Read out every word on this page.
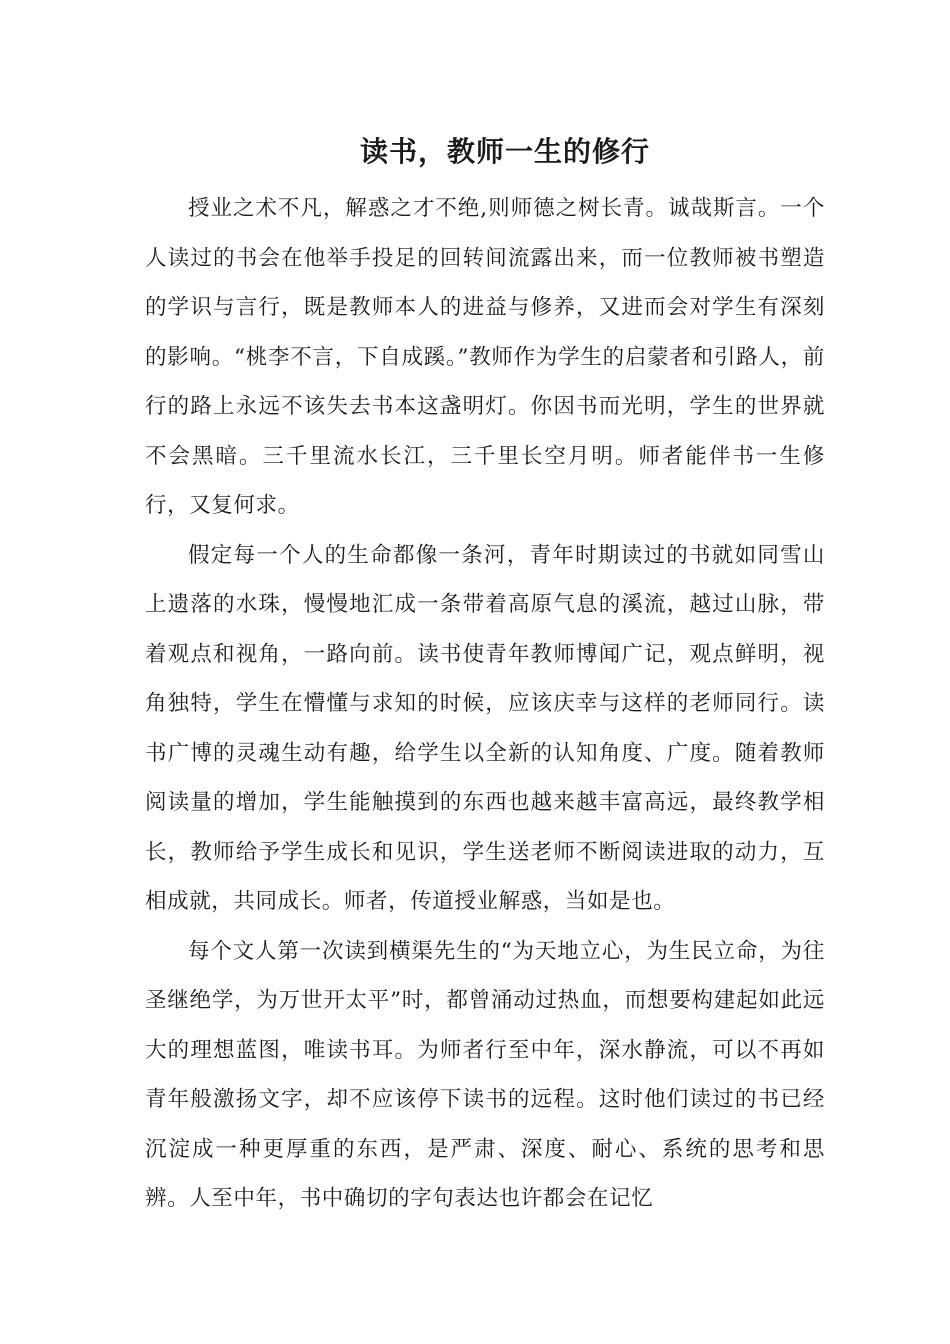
读书，教师一生的修行

授业之术不凡，解惑之才不绝,则师德之树长青。诚哉斯言。一个人读过的书会在他举手投足的回转间流露出来，而一位教师被书塑造的学识与言行，既是教师本人的进益与修养，又进而会对学生有深刻的影响。“桃李不言，下自成蹊。”教师作为学生的启蒙者和引路人，前行的路上永远不该失去书本这盏明灯。你因书而光明，学生的世界就不会黑暗。三千里流水长江，三千里长空月明。师者能伴书一生修行，又复何求。

假定每一个人的生命都像一条河，青年时期读过的书就如同雪山上遗落的水珠，慢慢地汇成一条带着高原气息的溪流，越过山脉，带着观点和视角，一路向前。读书使青年教师博闻广记，观点鲜明，视角独特，学生在懵懂与求知的时候，应该庆幸与这样的老师同行。读书广博的灵魂生动有趣，给学生以全新的认知角度、广度。随着教师阅读量的增加，学生能触摸到的东西也越来越丰富高远，最终教学相长，教师给予学生成长和见识，学生送老师不断阅读进取的动力，互相成就，共同成长。师者，传道授业解惑，当如是也。

每个文人第一次读到横渠先生的“为天地立心，为生民立命，为往圣继绝学，为万世开太平”时，都曾涌动过热血，而想要构建起如此远大的理想蓝图，唯读书耳。为师者行至中年，深水静流，可以不再如青年般激扬文字，却不应该停下读书的远程。这时他们读过的书已经沉淀成一种更厚重的东西，是严肃、深度、耐心、系统的思考和思辨。人至中年，书中确切的字句表达也许都会在记忆
